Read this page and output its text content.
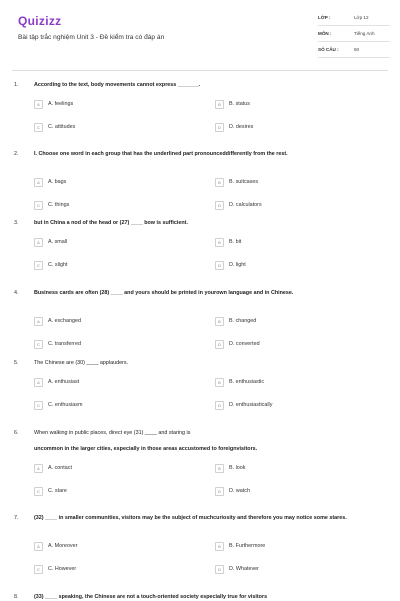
Quizizz
Bài tập trắc nghiệm Unit 3 - Đề kiểm tra có đáp án
LỚP :	Lớp 12
MÔN :	Tiếng Anh
SỐ CÂU :	50
1.	According to the text, body movements cannot express _______.
A	A. feelings	B	B. status
C	C. attitudes	D	D. desires
2.	I. Choose one word in each group that has the underlined part pronounceddifferently from the rest.
A	A. bags	B	B. suitcases
C	C. things	D	D. calculators
3.	but in China a nod of the head or (27) ____ bow is sufficient.
A	A. small	B	B. bit
C	C. slight	D	D. light
4.	Business cards are often (28) ____ and yours should be printed in yourown language and in Chinese.
A	A. exchanged	B	B. changed
C	C. transferred	D	D. converted
5.	The Chinese are (30) ____ applauders.
A	A. enthusiast	B	B. enthusiastic
C	C. enthusiasm	D	D. enthusiastically
6.	When walking in public places, direct eye (31) ____ and staring is
uncommon in the larger cities, especially in those areas accustomed to foreignvisitors.
A	A. contact	B	B. look
C	C. stare	D	D. watch
7.	(32) ____ in smaller communities, visitors may be the subject of muchcuriosity and therefore you may notice some stares.
A	A. Moreover	B	B. Furthermore
C	C. However	D	D. Whatever
8.	(33) ____ speaking, the Chinese are not a touch-oriented society especially true for visitors
